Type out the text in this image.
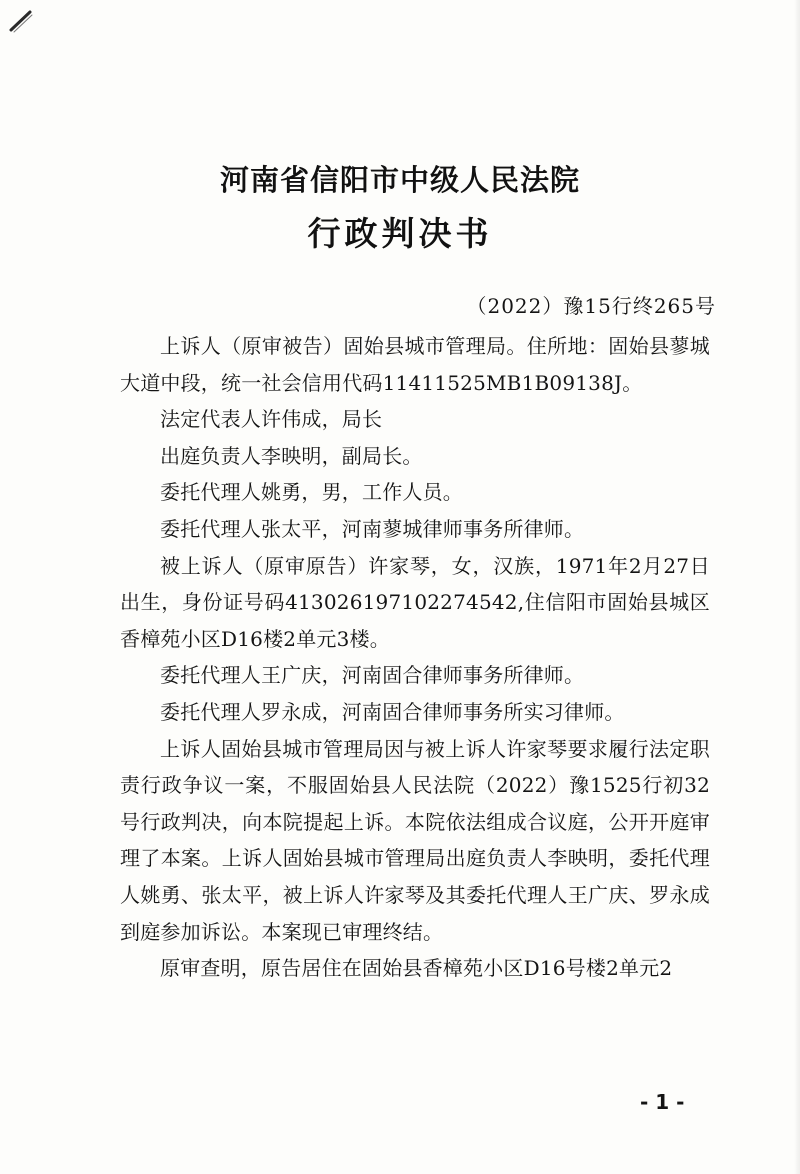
河南省信阳市中级人民法院
行政判决书
（2022）豫15行终265号

上诉人（原审被告）固始县城市管理局。住所地：固始县蓼城大道中段，统一社会信用代码11411525MB1B09138J。

法定代表人许伟成，局长

出庭负责人李映明，副局长。

委托代理人姚勇，男，工作人员。

委托代理人张太平，河南蓼城律师事务所律师。

被上诉人（原审原告）许家琴，女，汉族，1971年2月27日出生，身份证号码413026197102274542,住信阳市固始县城区香樟苑小区D16楼2单元3楼。

委托代理人王广庆，河南固合律师事务所律师。

委托代理人罗永成，河南固合律师事务所实习律师。

上诉人固始县城市管理局因与被上诉人许家琴要求履行法定职责行政争议一案，不服固始县人民法院（2022）豫1525行初32号行政判决，向本院提起上诉。本院依法组成合议庭，公开开庭审理了本案。上诉人固始县城市管理局出庭负责人李映明，委托代理人姚勇、张太平，被上诉人许家琴及其委托代理人王广庆、罗永成到庭参加诉讼。本案现已审理终结。

原审查明，原告居住在固始县香樟苑小区D16号楼2单元2

- 1 -
